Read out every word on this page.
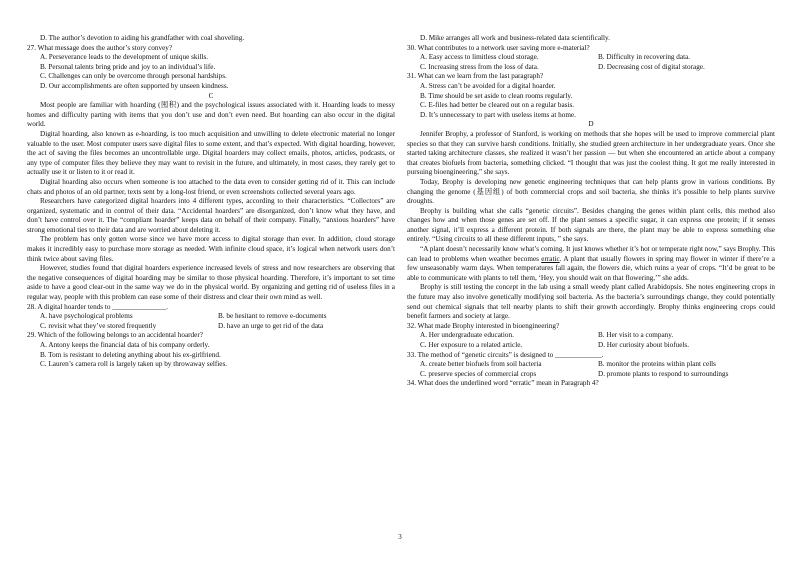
D. The author’s devotion to aiding his grandfather with coal shoveling.
27. What message does the author’s story convey?
A. Perseverance leads to the development of unique skills.
B. Personal talents bring pride and joy to an individual’s life.
C. Challenges can only be overcome through personal hardships.
D. Our accomplishments are often supported by unseen kindness.
C

Most people are familiar with hoarding (囤积) and the psychological issues associated with it. Hoarding leads to messy homes and difficulty parting with items that you don’t use and don’t even need. But hoarding can also occur in the digital world.

Digital hoarding, also known as e-hoarding, is too much acquisition and unwilling to delete electronic material no longer valuable to the user. Most computer users save digital files to some extent, and that’s expected. With digital hoarding, however, the act of saving the files becomes an uncontrollable urge. Digital hoarders may collect emails, photos, articles, podcasts, or any type of computer files they believe they may want to revisit in the future, and ultimately, in most cases, they rarely get to actually use it or listen to it or read it.

Digital hoarding also occurs when someone is too attached to the data even to consider getting rid of it. This can include chats and photos of an old partner, texts sent by a long-lost friend, or even screenshots collected several years ago.

Researchers have categorized digital hoarders into 4 different types, according to their characteristics. “Collectors” are organized, systematic and in control of their data. “Accidental hoarders” are disorganized, don’t know what they have, and don’t have control over it. The “compliant hoarder” keeps data on behalf of their company. Finally, “anxious hoarders” have strong emotional ties to their data and are worried about deleting it.

The problem has only gotten worse since we have more access to digital storage than ever. In addition, cloud storage makes it incredibly easy to purchase more storage as needed. With infinite cloud space, it’s logical when network users don’t think twice about saving files.

However, studies found that digital hoarders experience increased levels of stress and now researchers are observing that the negative consequences of digital hoarding may be similar to those physical hoarding. Therefore, it’s important to set time aside to have a good clear-out in the same way we do in the physical world. By organizing and getting rid of useless files in a regular way, people with this problem can ease some of their distress and clear their own mind as well.

28. A digital hoarder tends to _______________.
A. have psychological problems	B. be hesitant to remove e-documents
C. revisit what they’ve stored frequently	D. have an urge to get rid of the data
29. Which of the following belongs to an accidental hoarder?
A. Antony keeps the financial data of his company orderly.
B. Tom is resistant to deleting anything about his ex-girlfriend.
C. Lauren’s camera roll is largely taken up by throwaway selfies.
D. Mike arranges all work and business-related data scientifically.
30. What contributes to a network user saving more e-material?
A. Easy access to limitless cloud storage.	B. Difficulty in recovering data.
C. Increasing stress from the loss of data.	D. Decreasing cost of digital storage.
31. What can we learn from the last paragraph?
A. Stress can’t be avoided for a digital hoarder.
B. Time should be set aside to clean rooms regularly.
C. E-files had better be cleared out on a regular basis.
D. It’s unnecessary to part with useless items at home.
D

Jennifer Brophy, a professor of Stanford, is working on methods that she hopes will be used to improve commercial plant species so that they can survive harsh conditions. Initially, she studied green architecture in her undergraduate years. Once she started taking architecture classes, she realized it wasn’t her passion — but when she encountered an article about a company that creates biofuels from bacteria, something clicked. “I thought that was just the coolest thing. It got me really interested in pursuing bioengineering,” she says.

Today, Brophy is developing new genetic engineering techniques that can help plants grow in various conditions. By changing the genome (基因组) of both commercial crops and soil bacteria, she thinks it’s possible to help plants survive droughts.

Brophy is building what she calls “genetic circuits”. Besides changing the genes within plant cells, this method also changes how and when those genes are set off. If the plant senses a specific sugar, it can express one protein; if it senses another signal, it’ll express a different protein. If both signals are there, the plant may be able to express something else entirely. “Using circuits to all these different inputs, ” she says.

“A plant doesn’t necessarily know what’s coming. It just knows whether it’s hot or temperate right now,” says Brophy. This can lead to problems when weather becomes erratic. A plant that usually flowers in spring may flower in winter if there’re a few unseasonably warm days. When temperatures fall again, the flowers die, which ruins a year of crops. “It’d be great to be able to communicate with plants to tell them, ‘Hey, you should wait on that flowering,’” she adds.

Brophy is still testing the concept in the lab using a small weedy plant called Arabidopsis. She notes engineering crops in the future may also involve genetically modifying soil bacteria. As the bacteria’s surroundings change, they could potentially send out chemical signals that tell nearby plants to shift their growth accordingly. Brophy thinks engineering crops could benefit farmers and society at large.

32. What made Brophy interested in bioengineering?
A. Her undergraduate education.	B. Her visit to a company.
C. Her exposure to a related article.	D. Her curiosity about biofuels.
33. The method of “genetic circuits” is designed to _____________.
A. create better biofuels from soil bacteria	B. monitor the proteins within plant cells
C. preserve species of commercial crops	D. promote plants to respond to surroundings
34. What does the underlined word “erratic” mean in Paragraph 4?
3
